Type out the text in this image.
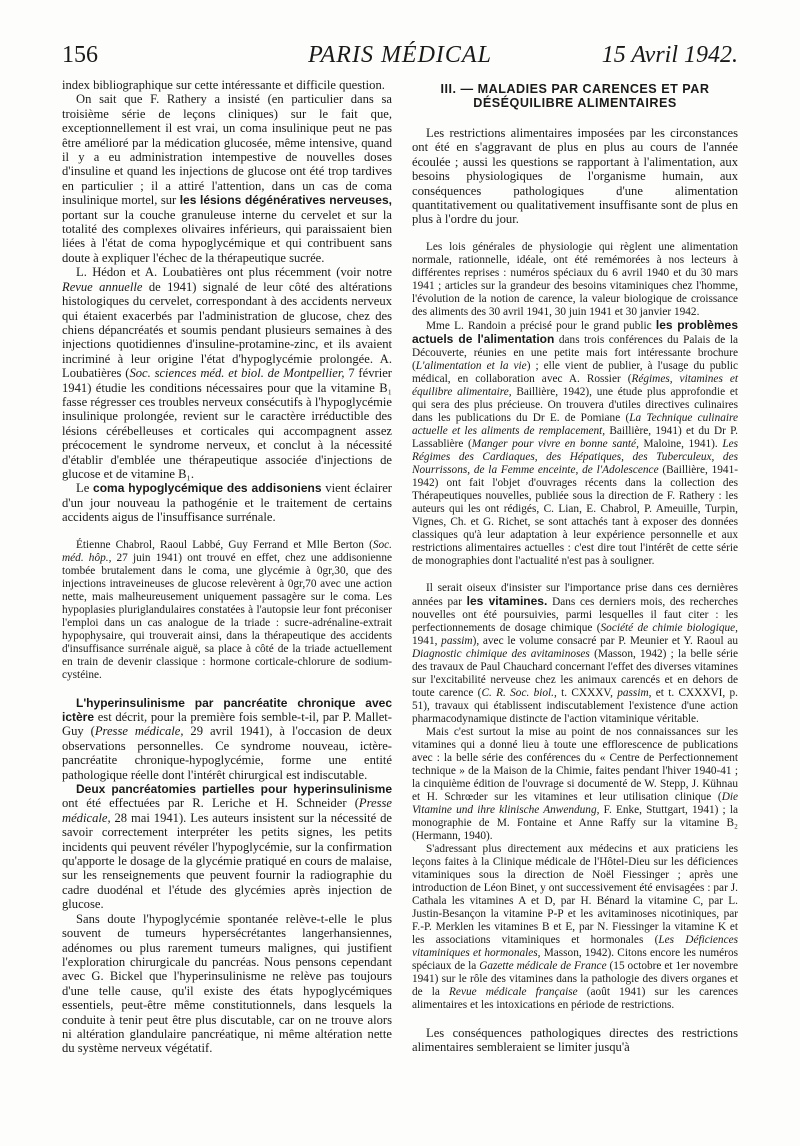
156	PARIS MÉDICAL	15 Avril 1942.

index bibliographique sur cette intéressante et difficile question.

On sait que F. Rathery a insisté (en particulier dans sa troisième série de leçons cliniques) sur le fait que, exceptionnellement il est vrai, un coma insulinique peut ne pas être amélioré par la médication glucosée, même intensive, quand il y a eu administration intempestive de nouvelles doses d'insuline et quand les injections de glucose ont été trop tardives en particulier ; il a attiré l'attention, dans un cas de coma insulinique mortel, sur les lésions dégénératives nerveuses, portant sur la couche granuleuse interne du cervelet et sur la totalité des complexes olivaires inférieurs, qui paraissaient bien liées à l'état de coma hypoglycémique et qui contribuent sans doute à expliquer l'échec de la thérapeutique sucrée.

L. Hédon et A. Loubatières ont plus récemment (voir notre Revue annuelle de 1941) signalé de leur côté des altérations histologiques du cervelet, correspondant à des accidents nerveux qui étaient exacerbés par l'administration de glucose, chez des chiens dépancréatés et soumis pendant plusieurs semaines à des injections quotidiennes d'insuline-protamine-zinc, et ils avaient incriminé à leur origine l'état d'hypoglycémie prolongée. A. Loubatières (Soc. sciences méd. et biol. de Montpellier, 7 février 1941) étudie les conditions nécessaires pour que la vitamine B₁ fasse régresser ces troubles nerveux consécutifs à l'hypoglycémie insulinique prolongée, revient sur le caractère irréductible des lésions cérébelleuses et corticales qui accompagnent assez précocement le syndrome nerveux, et conclut à la nécessité d'établir d'emblée une thérapeutique associée d'injections de glucose et de vitamine B₁.

Le coma hypoglycémique des addisoniens vient éclairer d'un jour nouveau la pathogénie et le traitement de certains accidents aigus de l'insuffisance surrénale.

Étienne Chabrol, Raoul Labbé, Guy Ferrand et Mlle Berton (Soc. méd. hôp., 27 juin 1941) ont trouvé en effet, chez une addisonienne tombée brutalement dans le coma, une glycémie à 0gr,30, que des injections intraveineuses de glucose relevèrent à 0gr,70 avec une action nette, mais malheureusement uniquement passagère sur le coma. Les hypoplasies pluriglandulaires constatées à l'autopsie leur font préconiser l'emploi dans un cas analogue de la triade : sucre-adrénaline-extrait hypophysaire, qui trouverait ainsi, dans la thérapeutique des accidents d'insuffisance surrénale aiguë, sa place à côté de la triade actuellement en train de devenir classique : hormone corticale-chlorure de sodium-cystéine.

L'hyperinsulinisme par pancréatite chronique avec ictère est décrit, pour la première fois semble-t-il, par P. Mallet-Guy (Presse médicale, 29 avril 1941), à l'occasion de deux observations personnelles. Ce syndrome nouveau, ictère-pancréatite chronique-hypoglycémie, forme une entité pathologique réelle dont l'intérêt chirurgical est indiscutable.

Deux pancréatomies partielles pour hyperinsulinisme ont été effectuées par R. Leriche et H. Schneider (Presse médicale, 28 mai 1941). Les auteurs insistent sur la nécessité de savoir correctement interpréter les petits signes, les petits incidents qui peuvent révéler l'hypoglycémie, sur la confirmation qu'apporte le dosage de la glycémie pratiqué en cours de malaise, sur les renseignements que peuvent fournir la radiographie du cadre duodénal et l'étude des glycémies après injection de glucose.

Sans doute l'hypoglycémie spontanée relève-t-elle le plus souvent de tumeurs hypersécrétantes langerhansiennes, adénomes ou plus rarement tumeurs malignes, qui justifient l'exploration chirurgicale du pancréas. Nous pensons cependant avec G. Bickel que l'hyperinsulinisme ne relève pas toujours d'une telle cause, qu'il existe des états hypoglycémiques essentiels, peut-être même constitutionnels, dans lesquels la conduite à tenir peut être plus discutable, car on ne trouve alors ni altération glandulaire pancréatique, ni même altération nette du système nerveux végétatif.

III. — MALADIES PAR CARENCES ET PAR DÉSÉQUILIBRE ALIMENTAIRES

Les restrictions alimentaires imposées par les circonstances ont été en s'aggravant de plus en plus au cours de l'année écoulée ; aussi les questions se rapportant à l'alimentation, aux besoins physiologiques de l'organisme humain, aux conséquences pathologiques d'une alimentation quantitativement ou qualitativement insuffisante sont de plus en plus à l'ordre du jour.

Les lois générales de physiologie qui règlent une alimentation normale, rationnelle, idéale, ont été remémorées à nos lecteurs à différentes reprises : numéros spéciaux du 6 avril 1940 et du 30 mars 1941 ; articles sur la grandeur des besoins vitaminiques chez l'homme, l'évolution de la notion de carence, la valeur biologique de croissance des aliments des 30 avril 1941, 30 juin 1941 et 30 janvier 1942.

Mme L. Randoin a précisé pour le grand public les problèmes actuels de l'alimentation dans trois conférences du Palais de la Découverte, réunies en une petite mais fort intéressante brochure (L'alimentation et la vie) ; elle vient de publier, à l'usage du public médical, en collaboration avec A. Rossier (Régimes, vitamines et équilibre alimentaire, Baillière, 1942), une étude plus approfondie et qui sera des plus précieuse. On trouvera d'utiles directives culinaires dans les publications du Dr E. de Pomiane (La Technique culinaire actuelle et les aliments de remplacement, Baillière, 1941) et du Dr P. Lassablière (Manger pour vivre en bonne santé, Maloine, 1941). Les Régimes des Cardiaques, des Hépatiques, des Tuberculeux, des Nourrissons, de la Femme enceinte, de l'Adolescence (Baillière, 1941-1942) ont fait l'objet d'ouvrages récents dans la collection des Thérapeutiques nouvelles, publiée sous la direction de F. Rathery : les auteurs qui les ont rédigés, C. Lian, E. Chabrol, P. Ameuille, Turpin, Vignes, Ch. et G. Richet, se sont attachés tant à exposer des données classiques qu'à leur adaptation à leur expérience personnelle et aux restrictions alimentaires actuelles : c'est dire tout l'intérêt de cette série de monographies dont l'actualité n'est pas à souligner.

Il serait oiseux d'insister sur l'importance prise dans ces dernières années par les vitamines. Dans ces derniers mois, des recherches nouvelles ont été poursuivies, parmi lesquelles il faut citer : les perfectionnements de dosage chimique (Société de chimie biologique, 1941, passim), avec le volume consacré par P. Meunier et Y. Raoul au Diagnostic chimique des avitaminoses (Masson, 1942) ; la belle série des travaux de Paul Chauchard concernant l'effet des diverses vitamines sur l'excitabilité nerveuse chez les animaux carencés et en dehors de toute carence (C. R. Soc. biol., t. CXXXV, passim, et t. CXXXVI, p. 51), travaux qui établissent indiscutablement l'existence d'une action pharmacodynamique distincte de l'action vitaminique véritable.

Mais c'est surtout la mise au point de nos connaissances sur les vitamines qui a donné lieu à toute une efflorescence de publications avec : la belle série des conférences du « Centre de Perfectionnement technique » de la Maison de la Chimie, faites pendant l'hiver 1940-41 ; la cinquième édition de l'ouvrage si documenté de W. Stepp, J. Kühnau et H. Schrœder sur les vitamines et leur utilisation clinique (Die Vitamine und ihre klinische Anwendung, F. Enke, Stuttgart, 1941) ; la monographie de M. Fontaine et Anne Raffy sur la vitamine B₂ (Hermann, 1940).

S'adressant plus directement aux médecins et aux praticiens les leçons faites à la Clinique médicale de l'Hôtel-Dieu sur les déficiences vitaminiques sous la direction de Noël Fiessinger ; après une introduction de Léon Binet, y ont successivement été envisagées : par J. Cathala les vitamines A et D, par H. Bénard la vitamine C, par L. Justin-Besançon la vitamine P-P et les avitaminoses nicotiniques, par F.-P. Merklen les vitamines B et E, par N. Fiessinger la vitamine K et les associations vitaminiques et hormonales (Les Déficiences vitaminiques et hormonales, Masson, 1942). Citons encore les numéros spéciaux de la Gazette médicale de France (15 octobre et 1er novembre 1941) sur le rôle des vitamines dans la pathologie des divers organes et de la Revue médicale française (août 1941) sur les carences alimentaires et les intoxications en période de restrictions.

Les conséquences pathologiques directes des restrictions alimentaires sembleraient se limiter jusqu'à
